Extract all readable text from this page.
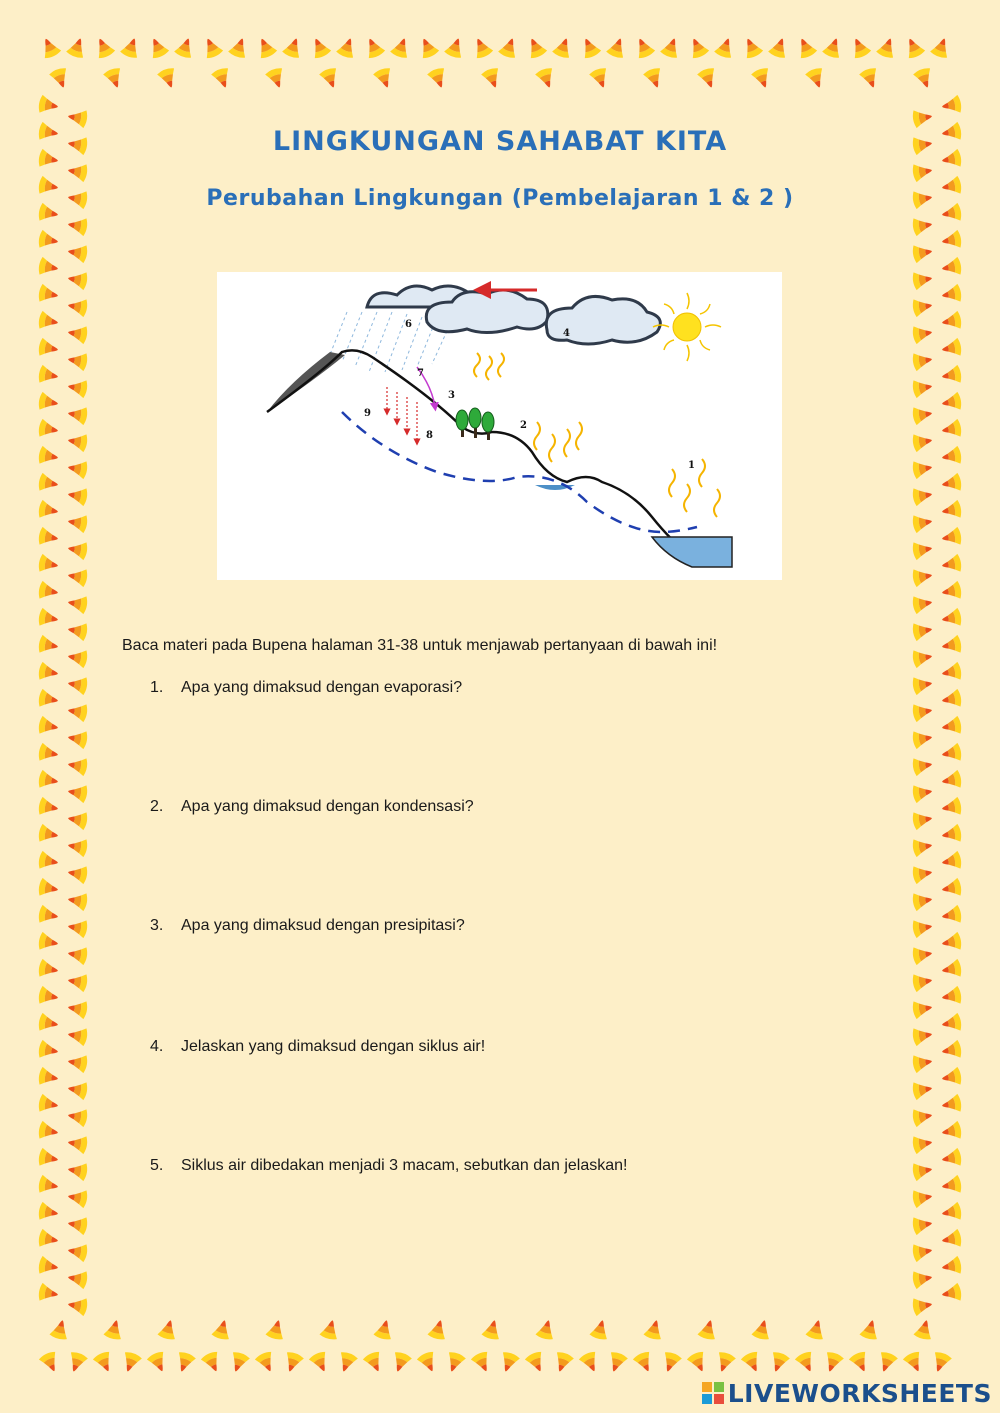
LINGKUNGAN SAHABAT KITA
Perubahan Lingkungan (Pembelajaran 1 & 2 )
1
2
3
4
6
7
8
9
Baca materi pada Bupena halaman 31-38 untuk menjawab pertanyaan di bawah ini!
1. Apa yang dimaksud dengan evaporasi?
2. Apa yang dimaksud dengan kondensasi?
3. Apa yang dimaksud dengan presipitasi?
4. Jelaskan yang dimaksud dengan siklus air!
5. Siklus air dibedakan menjadi 3 macam, sebutkan dan jelaskan!
LIVEWORKSHEETS
